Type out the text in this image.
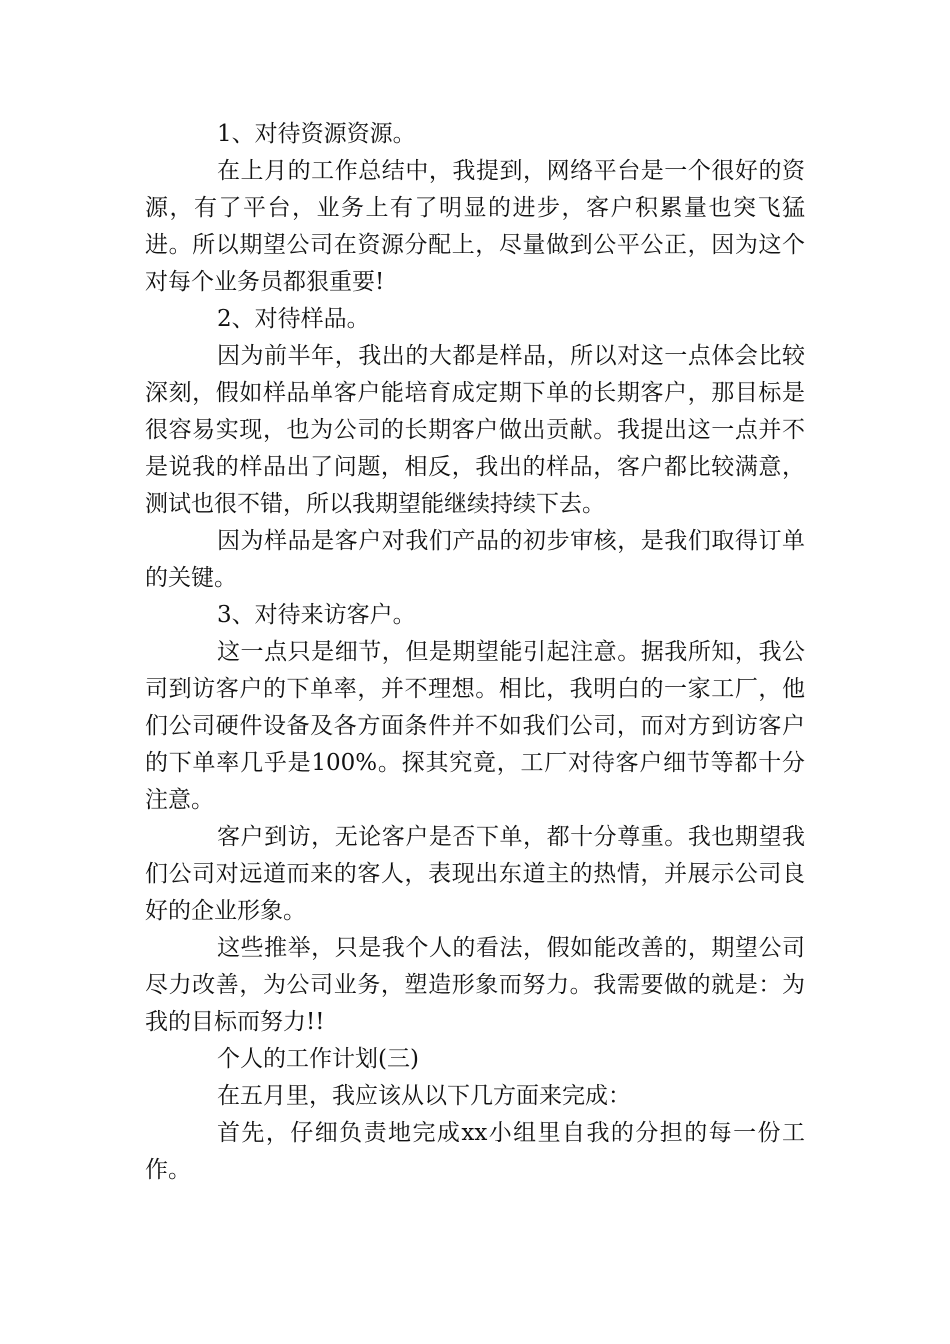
1、对待资源资源。

在上月的工作总结中，我提到，网络平台是一个很好的资源，有了平台，业务上有了明显的进步，客户积累量也突飞猛进。所以期望公司在资源分配上，尽量做到公平公正，因为这个对每个业务员都狠重要!

2、对待样品。

因为前半年，我出的大都是样品，所以对这一点体会比较深刻，假如样品单客户能培育成定期下单的长期客户，那目标是很容易实现，也为公司的长期客户做出贡献。我提出这一点并不是说我的样品出了问题，相反，我出的样品，客户都比较满意，测试也很不错，所以我期望能继续持续下去。

因为样品是客户对我们产品的初步审核，是我们取得订单的关键。

3、对待来访客户。

这一点只是细节，但是期望能引起注意。据我所知，我公司到访客户的下单率，并不理想。相比，我明白的一家工厂，他们公司硬件设备及各方面条件并不如我们公司，而对方到访客户的下单率几乎是100%。探其究竟，工厂对待客户细节等都十分注意。

客户到访，无论客户是否下单，都十分尊重。我也期望我们公司对远道而来的客人，表现出东道主的热情，并展示公司良好的企业形象。

这些推举，只是我个人的看法，假如能改善的，期望公司尽力改善，为公司业务，塑造形象而努力。我需要做的就是：为我的目标而努力!!

个人的工作计划(三)

在五月里，我应该从以下几方面来完成：

首先，仔细负责地完成xx小组里自我的分担的每一份工作。
